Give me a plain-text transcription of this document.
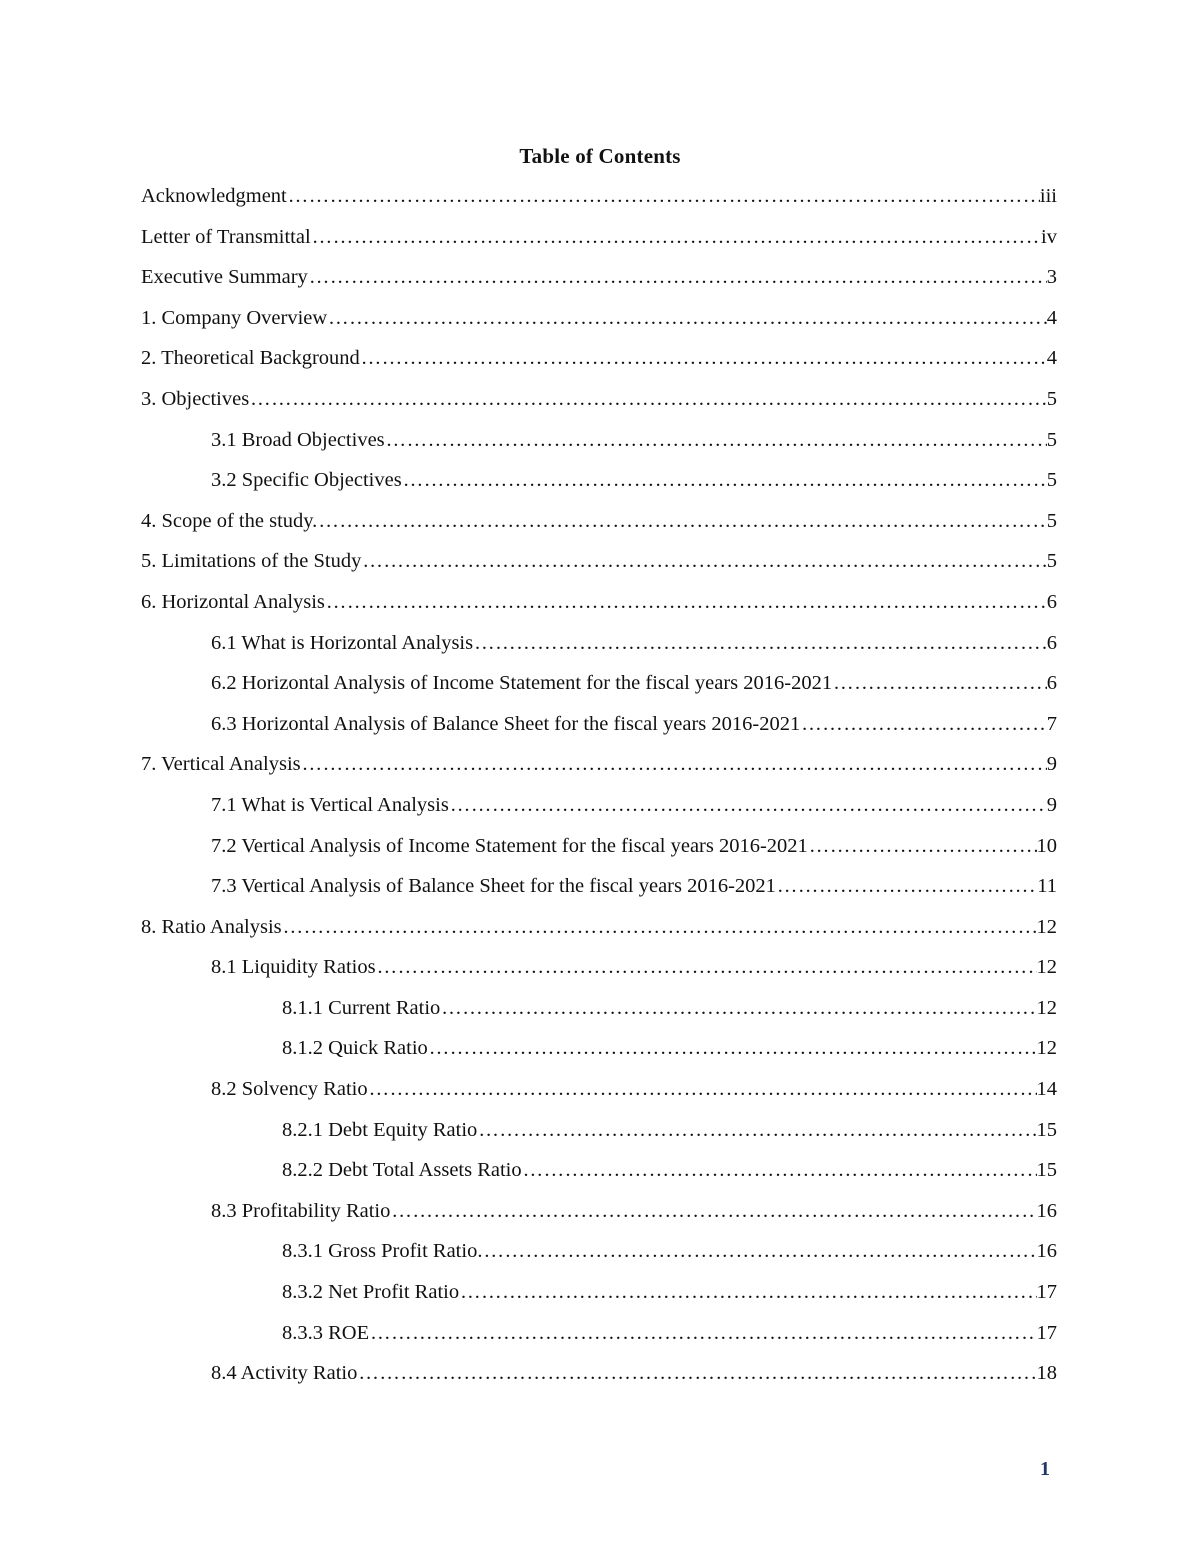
Table of Contents
Acknowledgment ………………………………………………………………………………………………………………………………………………………………………………………	iii
Letter of Transmittal ………………………………………………………………………………………………………………………………………………………………………………………	iv
Executive Summary ………………………………………………………………………………………………………………………………………………………………………………………	3
1. Company Overview ………………………………………………………………………………………………………………………………………………………………………………………	4
2. Theoretical Background ………………………………………………………………………………………………………………………………………………………………………………………	4
3. Objectives ………………………………………………………………………………………………………………………………………………………………………………………	5
3.1 Broad Objectives ………………………………………………………………………………………………………………………………………………………………………………………	5
3.2 Specific Objectives ………………………………………………………………………………………………………………………………………………………………………………………	5
4. Scope of the study. ………………………………………………………………………………………………………………………………………………………………………………………	5
5. Limitations of the Study ………………………………………………………………………………………………………………………………………………………………………………………	5
6. Horizontal Analysis ………………………………………………………………………………………………………………………………………………………………………………………	6
6.1 What is Horizontal Analysis ………………………………………………………………………………………………………………………………………………………………………………………	6
6.2 Horizontal Analysis of Income Statement for the fiscal years 2016-2021 ………………………………………………………………………………………………………………………………………………………………………………………	6
6.3 Horizontal Analysis of Balance Sheet for the fiscal years 2016-2021 ………………………………………………………………………………………………………………………………………………………………………………………	7
7. Vertical Analysis ………………………………………………………………………………………………………………………………………………………………………………………	9
7.1 What is Vertical Analysis ………………………………………………………………………………………………………………………………………………………………………………………	9
7.2 Vertical Analysis of Income Statement for the fiscal years 2016-2021 ………………………………………………………………………………………………………………………………………………………………………………………	10
7.3 Vertical Analysis of Balance Sheet for the fiscal years 2016-2021 ………………………………………………………………………………………………………………………………………………………………………………………	11
8. Ratio Analysis ………………………………………………………………………………………………………………………………………………………………………………………	12
8.1 Liquidity Ratios ………………………………………………………………………………………………………………………………………………………………………………………	12
8.1.1 Current Ratio ………………………………………………………………………………………………………………………………………………………………………………………	12
8.1.2 Quick Ratio ………………………………………………………………………………………………………………………………………………………………………………………	12
8.2 Solvency Ratio ………………………………………………………………………………………………………………………………………………………………………………………	14
8.2.1 Debt Equity Ratio ………………………………………………………………………………………………………………………………………………………………………………………	15
8.2.2 Debt Total Assets Ratio ………………………………………………………………………………………………………………………………………………………………………………………	15
8.3 Profitability Ratio ………………………………………………………………………………………………………………………………………………………………………………………	16
8.3.1 Gross Profit Ratio. ………………………………………………………………………………………………………………………………………………………………………………………	16
8.3.2 Net Profit Ratio ………………………………………………………………………………………………………………………………………………………………………………………	17
8.3.3 ROE ………………………………………………………………………………………………………………………………………………………………………………………	17
8.4 Activity Ratio ………………………………………………………………………………………………………………………………………………………………………………………	18
1
